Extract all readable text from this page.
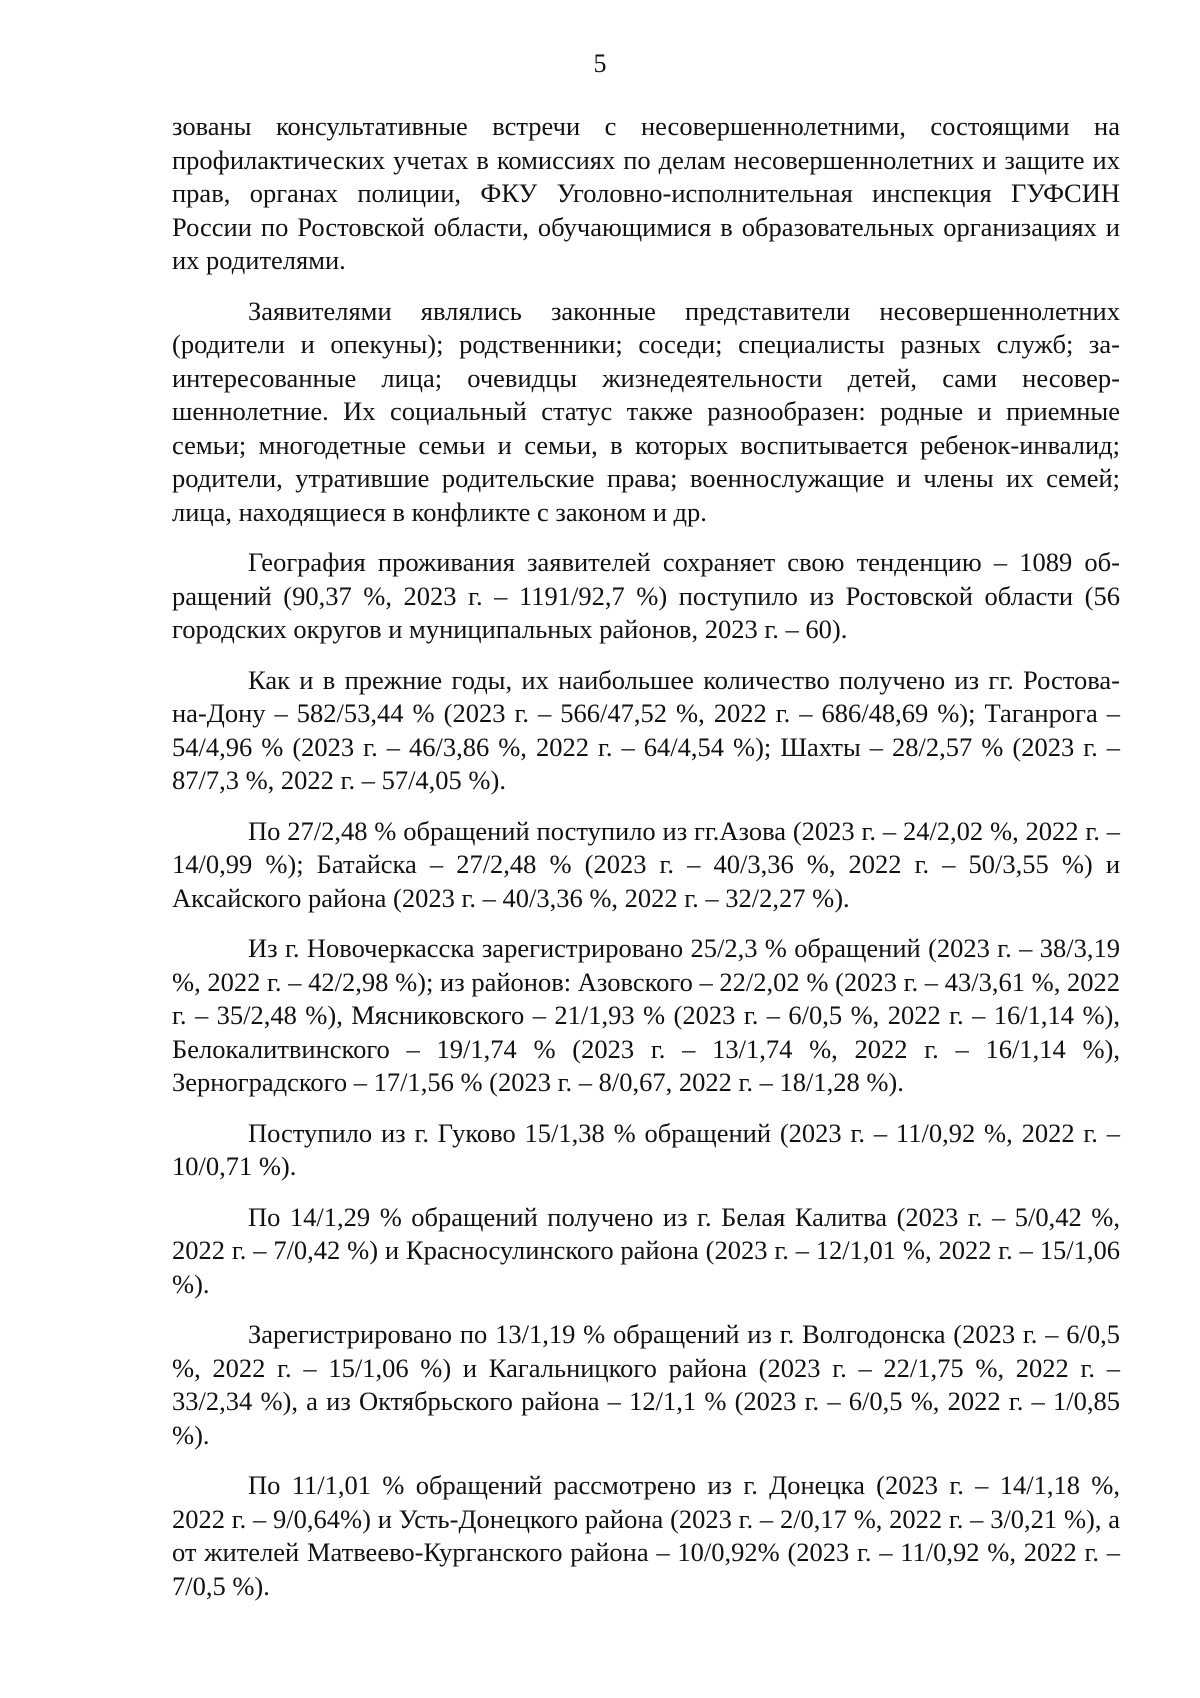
5

зованы консультативные встречи с несовершеннолетними, состоящими на профилактических учетах в комиссиях по делам несовершеннолетних и защите их прав, органах полиции, ФКУ Уголовно-исполнительная инспекция ГУФСИН России по Ростовской области, обучающимися в образовательных организациях и их родителями.

Заявителями являлись законные представители несовершеннолетних (родители и опекуны); родственники; соседи; специалисты разных служб; заинтересованные лица; очевидцы жизнедеятельности детей, сами несовершеннолетние. Их социальный статус также разнообразен: родные и приемные семьи; многодетные семьи и семьи, в которых воспитывается ребенок-инвалид; родители, утратившие родительские права; военнослужащие и члены их семей; лица, находящиеся в конфликте с законом и др.

География проживания заявителей сохраняет свою тенденцию – 1089 обращений (90,37 %, 2023 г. – 1191/92,7 %) поступило из Ростовской области (56 городских округов и муниципальных районов, 2023 г. – 60).

Как и в прежние годы, их наибольшее количество получено из гг. Ростова-на-Дону – 582/53,44 % (2023 г. – 566/47,52 %, 2022 г. – 686/48,69 %); Таганрога – 54/4,96 % (2023 г. – 46/3,86 %, 2022 г. – 64/4,54 %); Шахты – 28/2,57 % (2023 г. – 87/7,3 %, 2022 г. – 57/4,05 %).

По 27/2,48 % обращений поступило из гг.Азова (2023 г. – 24/2,02 %, 2022 г. – 14/0,99 %); Батайска – 27/2,48 % (2023 г. – 40/3,36 %, 2022 г. – 50/3,55 %) и Аксайского района (2023 г. – 40/3,36 %, 2022 г. – 32/2,27 %).

Из г. Новочеркасска зарегистрировано 25/2,3 % обращений (2023 г. – 38/3,19 %, 2022 г. – 42/2,98 %); из районов: Азовского – 22/2,02 % (2023 г. – 43/3,61 %, 2022 г. – 35/2,48 %), Мясниковского – 21/1,93 % (2023 г. – 6/0,5 %, 2022 г. – 16/1,14 %), Белокалитвинского – 19/1,74 % (2023 г. – 13/1,74 %, 2022 г. – 16/1,14 %), Зерноградского – 17/1,56 % (2023 г. – 8/0,67, 2022 г. – 18/1,28 %).

Поступило из г. Гуково 15/1,38 % обращений (2023 г. – 11/0,92 %, 2022 г. – 10/0,71 %).

По 14/1,29 % обращений получено из г. Белая Калитва (2023 г. – 5/0,42 %, 2022 г. – 7/0,42 %) и Красносулинского района (2023 г. – 12/1,01 %, 2022 г. – 15/1,06 %).

Зарегистрировано по 13/1,19 % обращений из г. Волгодонска (2023 г. – 6/0,5 %, 2022 г. – 15/1,06 %) и Кагальницкого района (2023 г. – 22/1,75 %, 2022 г. – 33/2,34 %), а из Октябрьского района – 12/1,1 % (2023 г. – 6/0,5 %, 2022 г. – 1/0,85 %).

По 11/1,01 % обращений рассмотрено из г. Донецка (2023 г. – 14/1,18 %, 2022 г. – 9/0,64%) и Усть-Донецкого района (2023 г. – 2/0,17 %, 2022 г. – 3/0,21 %), а от жителей Матвеево-Курганского района – 10/0,92% (2023 г. – 11/0,92 %, 2022 г. – 7/0,5 %).
